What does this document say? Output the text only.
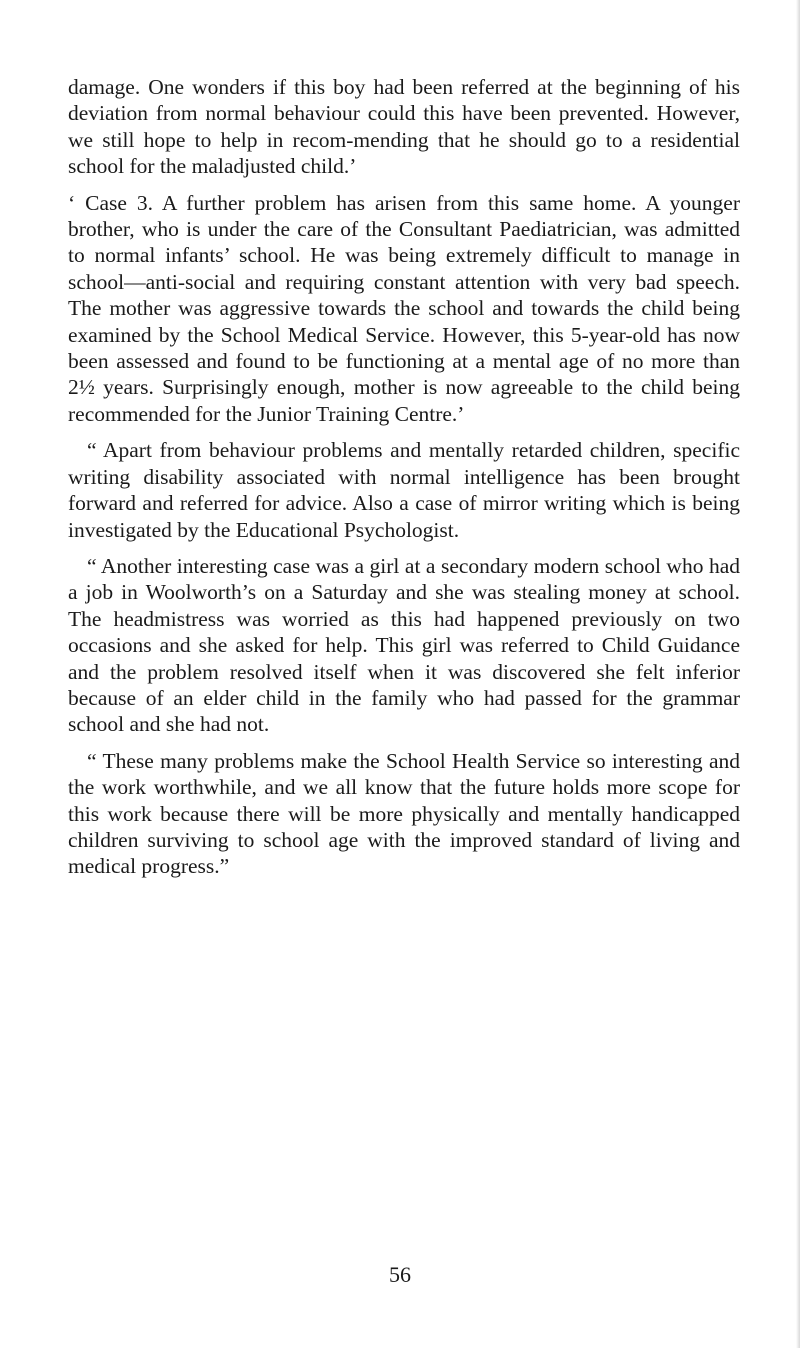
damage. One wonders if this boy had been referred at the beginning of his deviation from normal behaviour could this have been prevented. However, we still hope to help in recom-mending that he should go to a residential school for the maladjusted child.’

‘ Case 3. A further problem has arisen from this same home. A younger brother, who is under the care of the Consultant Paediatrician, was admitted to normal infants’ school. He was being extremely difficult to manage in school—anti-social and requiring constant attention with very bad speech. The mother was aggressive towards the school and towards the child being examined by the School Medical Service. However, this 5-year-old has now been assessed and found to be functioning at a mental age of no more than 2½ years. Surprisingly enough, mother is now agreeable to the child being recommended for the Junior Training Centre.’

“ Apart from behaviour problems and mentally retarded children, specific writing disability associated with normal intelligence has been brought forward and referred for advice. Also a case of mirror writing which is being investigated by the Educational Psychologist.

“ Another interesting case was a girl at a secondary modern school who had a job in Woolworth’s on a Saturday and she was stealing money at school. The headmistress was worried as this had happened previously on two occasions and she asked for help. This girl was referred to Child Guidance and the problem resolved itself when it was discovered she felt inferior because of an elder child in the family who had passed for the grammar school and she had not.

“ These many problems make the School Health Service so interesting and the work worthwhile, and we all know that the future holds more scope for this work because there will be more physically and mentally handicapped children surviving to school age with the improved standard of living and medical progress.”

56
